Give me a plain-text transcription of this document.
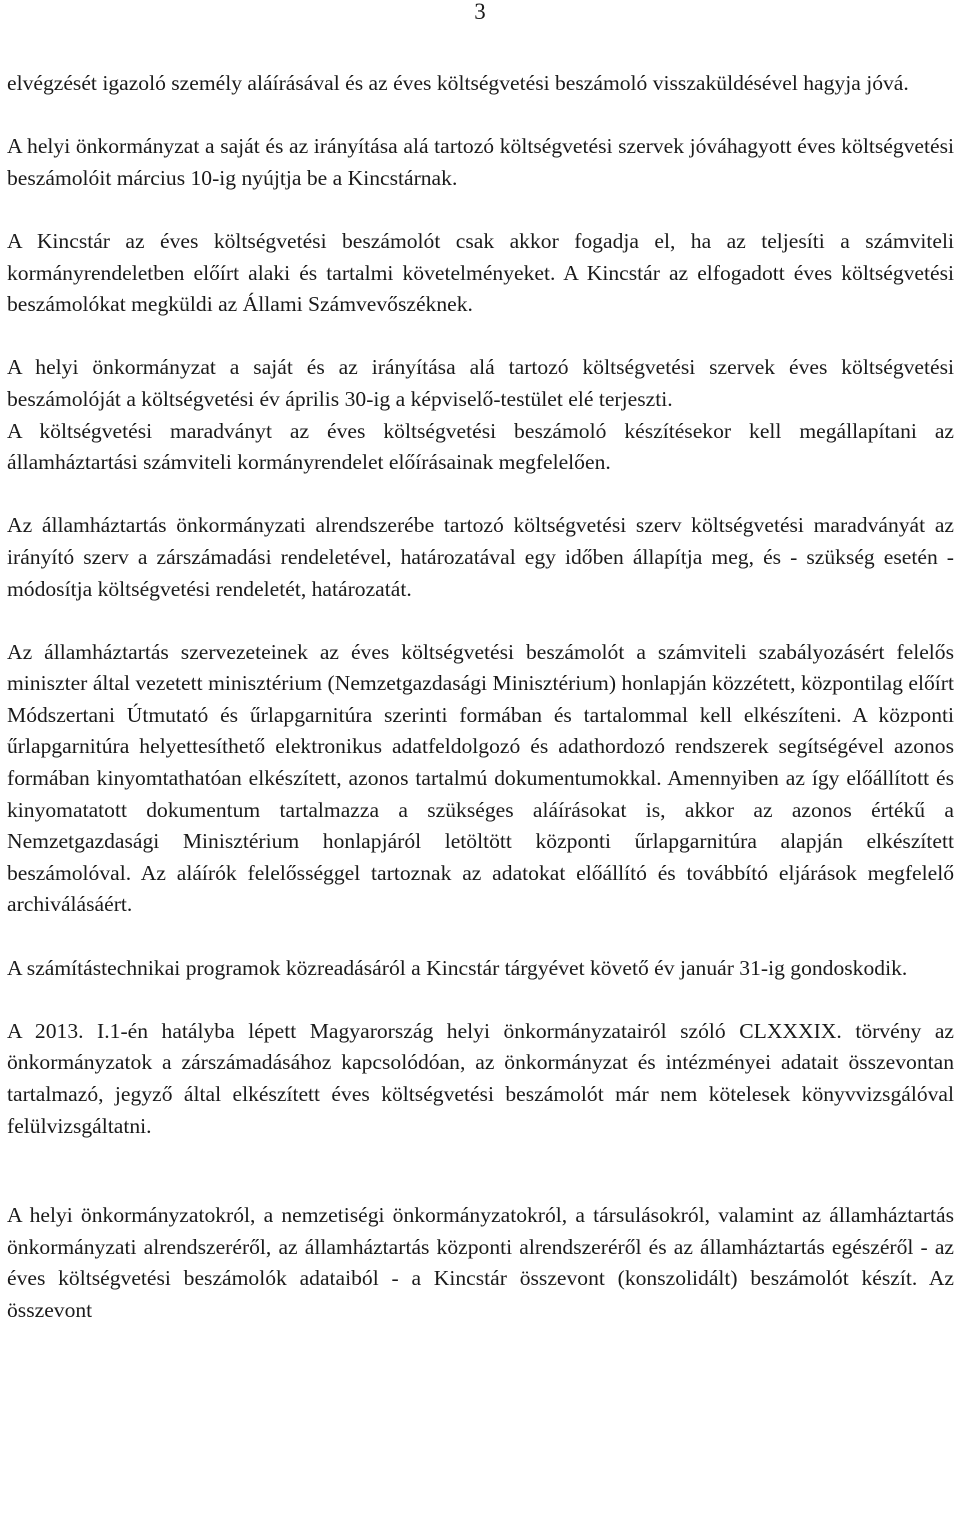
3

elvégzését igazoló személy aláírásával és az éves költségvetési beszámoló visszaküldésével hagyja jóvá.

A helyi önkormányzat a saját és az irányítása alá tartozó költségvetési szervek jóváhagyott éves költségvetési beszámolóit március 10-ig nyújtja be a Kincstárnak.

A Kincstár az éves költségvetési beszámolót csak akkor fogadja el, ha az teljesíti a számviteli kormányrendeletben előírt alaki és tartalmi követelményeket. A Kincstár az elfogadott éves költségvetési beszámolókat megküldi az Állami Számvevőszéknek.

A helyi önkormányzat a saját és az irányítása alá tartozó költségvetési szervek éves költségvetési beszámolóját a költségvetési év április 30-ig a képviselő-testület elé terjeszti.

A költségvetési maradványt az éves költségvetési beszámoló készítésekor kell megállapítani az államháztartási számviteli kormányrendelet előírásainak megfelelően.

Az államháztartás önkormányzati alrendszerébe tartozó költségvetési szerv költségvetési maradványát az irányító szerv a zárszámadási rendeletével, határozatával egy időben állapítja meg, és - szükség esetén - módosítja költségvetési rendeletét, határozatát.

Az államháztartás szervezeteinek az éves költségvetési beszámolót a számviteli szabályozásért felelős miniszter által vezetett minisztérium (Nemzetgazdasági Minisztérium) honlapján közzétett, központilag előírt Módszertani Útmutató és űrlapgarnitúra szerinti formában és tartalommal kell elkészíteni. A központi űrlapgarnitúra helyettesíthető elektronikus adatfeldolgozó és adathordozó rendszerek segítségével azonos formában kinyomtathatóan elkészített, azonos tartalmú dokumentumokkal. Amennyiben az így előállított és kinyomatatott dokumentum tartalmazza a szükséges aláírásokat is, akkor az azonos értékű a Nemzetgazdasági Minisztérium honlapjáról letöltött központi űrlapgarnitúra alapján elkészített beszámolóval. Az aláírók felelősséggel tartoznak az adatokat előállító és továbbító eljárások megfelelő archiválásáért.

A számítástechnikai programok közreadásáról a Kincstár tárgyévet követő év január 31-ig gondoskodik.

A 2013. I.1-én hatályba lépett Magyarország helyi önkormányzatairól szóló CLXXXIX. törvény az önkormányzatok a zárszámadásához kapcsolódóan, az önkormányzat és intézményei adatait összevontan tartalmazó, jegyző által elkészített éves költségvetési beszámolót már nem kötelesek könyvvizsgálóval felülvizsgáltatni.

A helyi önkormányzatokról, a nemzetiségi önkormányzatokról, a társulásokról, valamint az államháztartás önkormányzati alrendszeréről, az államháztartás központi alrendszeréről és az államháztartás egészéről - az éves költségvetési beszámolók adataiból - a Kincstár összevont (konszolidált) beszámolót készít. Az összevont
